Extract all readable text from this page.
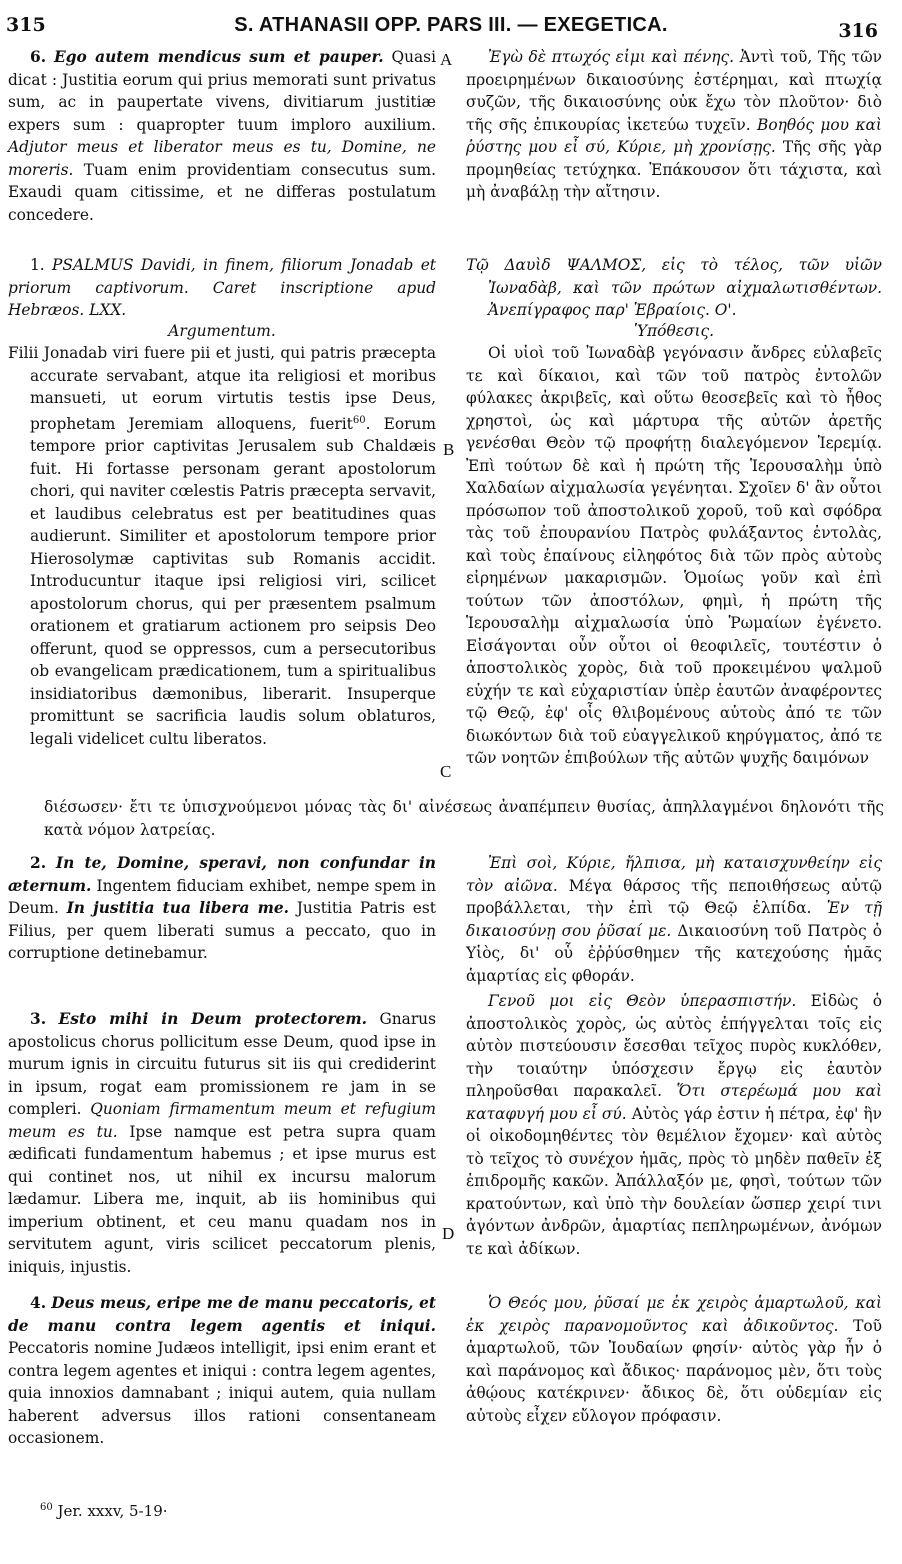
315	S. ATHANASII OPP. PARS III. — EXEGETICA.	316
A
B
C
D

6. Ego autem mendicus sum et pauper. Quasi dicat : Justitia eorum qui prius memorati sunt privatus sum, ac in paupertate vivens, divitiarum justitiæ expers sum : quapropter tuum imploro auxilium. Adjutor meus et liberator meus es tu, Domine, ne moreris. Tuam enim providentiam consecutus sum. Exaudi quam citissime, et ne differas postulatum concedere.

1. PSALMUS Davidi, in finem, filiorum Jonadab et priorum captivorum. Caret inscriptione apud Hebræos. LXX.

Argumentum.

Filii Jonadab viri fuere pii et justi, qui patris præcepta accurate servabant, atque ita religiosi et moribus mansueti, ut eorum virtutis testis ipse Deus, prophetam Jeremiam alloquens, fuerit$^{60}$. Eorum tempore prior captivitas Jerusalem sub Chaldæis fuit. Hi fortasse personam gerant apostolorum chori, qui naviter cœlestis Patris præcepta servavit, et laudibus celebratus est per beatitudines quas audierunt. Similiter et apostolorum tempore prior Hierosolymæ captivitas sub Romanis accidit. Introducuntur itaque ipsi religiosi viri, scilicet apostolorum chorus, qui per præsentem psalmum orationem et gratiarum actionem pro seipsis Deo offerunt, quod se oppressos, cum a persecutoribus ob evangelicam prædicationem, tum a spiritualibus insidiatoribus dæmonibus, liberarit. Insuperque promittunt se sacrificia laudis solum oblaturos, legali videlicet cultu liberatos.

διέσωσεν· ἔτι τε ὑπισχνούμενοι μόνας τὰς δι' αἰνέσεως ἀναπέμπειν θυσίας, ἀπηλλαγμένοι δηλονότι τῆς κατὰ νόμον λατρείας.

2. In te, Domine, speravi, non confundar in æternum. Ingentem fiduciam exhibet, nempe spem in Deum. In justitia tua libera me. Justitia Patris est Filius, per quem liberati sumus a peccato, quo in corruptione detinebamur.

3. Esto mihi in Deum protectorem. Gnarus apostolicus chorus pollicitum esse Deum, quod ipse in murum ignis in circuitu futurus sit iis qui crediderint in ipsum, rogat eam promissionem re jam in se compleri. Quoniam firmamentum meum et refugium meum es tu. Ipse namque est petra supra quam ædificati fundamentum habemus ; et ipse murus est qui continet nos, ut nihil ex incursu malorum lædamur. Libera me, inquit, ab iis hominibus qui imperium obtinent, et ceu manu quadam nos in servitutem agunt, viris scilicet peccatorum plenis, iniquis, injustis.

4. Deus meus, eripe me de manu peccatoris, et de manu contra legem agentis et iniqui. Peccatoris nomine Judæos intelligit, ipsi enim erant et contra legem agentes et iniqui : contra legem agentes, quia innoxios damnabant ; iniqui autem, quia nullam haberent adversus illos rationi consentaneam occasionem.

Ἐγὼ δὲ πτωχός εἰμι καὶ πένης. Ἀντὶ τοῦ, Τῆς τῶν προειρημένων δικαιοσύνης ἐστέρημαι, καὶ πτωχίᾳ συζῶν, τῆς δικαιοσύνης οὐκ ἔχω τὸν πλοῦτον· διὸ τῆς σῆς ἐπικουρίας ἱκετεύω τυχεῖν. Βοηθός μου καὶ ῥύστης μου εἶ σύ, Κύριε, μὴ χρονίσῃς. Τῆς σῆς γὰρ προμηθείας τετύχηκα. Ἐπάκουσον ὅτι τάχιστα, καὶ μὴ ἀναβάλῃ τὴν αἴτησιν.

Τῷ Δαυὶδ ΨΑΛΜΟΣ, εἰς τὸ τέλος, τῶν υἱῶν Ἰωναδὰβ, καὶ τῶν πρώτων αἰχμαλωτισθέντων. Ἀνεπίγραφος παρ' Ἑβραίοις. Ο'.

Ὑπόθεσις.

Οἱ υἱοὶ τοῦ Ἰωναδὰβ γεγόνασιν ἄνδρες εὐλαβεῖς τε καὶ δίκαιοι, καὶ τῶν τοῦ πατρὸς ἐντολῶν φύλακες ἀκριβεῖς, καὶ οὕτω θεοσεβεῖς καὶ τὸ ἦθος χρηστοὶ, ὡς καὶ μάρτυρα τῆς αὐτῶν ἀρετῆς γενέσθαι Θεὸν τῷ προφήτῃ διαλεγόμενον Ἱερεμίᾳ. Ἐπὶ τούτων δὲ καὶ ἡ πρώτη τῆς Ἱερουσαλὴμ ὑπὸ Χαλδαίων αἰχμαλωσία γεγένηται. Σχοῖεν δ' ἂν οὗτοι πρόσωπον τοῦ ἀποστολικοῦ χοροῦ, τοῦ καὶ σφόδρα τὰς τοῦ ἐπουρανίου Πατρὸς φυλάξαντος ἐντολὰς, καὶ τοὺς ἐπαίνους εἰληφότος διὰ τῶν πρὸς αὐτοὺς εἰρημένων μακαρισμῶν. Ὁμοίως γοῦν καὶ ἐπὶ τούτων τῶν ἀποστόλων, φημὶ, ἡ πρώτη τῆς Ἱερουσαλὴμ αἰχμαλωσία ὑπὸ Ῥωμαίων ἐγένετο. Εἰσάγονται οὖν οὗτοι οἱ θεοφιλεῖς, τουτέστιν ὁ ἀποστολικὸς χορὸς, διὰ τοῦ προκειμένου ψαλμοῦ εὐχήν τε καὶ εὐχαριστίαν ὑπὲρ ἑαυτῶν ἀναφέροντες τῷ Θεῷ, ἐφ' οἷς θλιβομένους αὐτοὺς ἀπό τε τῶν διωκόντων διὰ τοῦ εὐαγγελικοῦ κηρύγματος, ἀπό τε τῶν νοητῶν ἐπιβούλων τῆς αὐτῶν ψυχῆς δαιμόνων

Ἐπὶ σοὶ, Κύριε, ἤλπισα, μὴ καταισχυνθείην εἰς τὸν αἰῶνα. Μέγα θάρσος τῆς πεποιθήσεως αὐτῷ προβάλλεται, τὴν ἐπὶ τῷ Θεῷ ἐλπίδα. Ἐν τῇ δικαιοσύνῃ σου ῥῦσαί με. Δικαιοσύνη τοῦ Πατρὸς ὁ Υἱὸς, δι' οὗ ἐῤῥύσθημεν τῆς κατεχούσης ἡμᾶς ἁμαρτίας εἰς φθοράν.

Γενοῦ μοι εἰς Θεὸν ὑπερασπιστήν. Εἰδὼς ὁ ἀποστολικὸς χορὸς, ὡς αὐτὸς ἐπήγγελται τοῖς εἰς αὐτὸν πιστεύουσιν ἔσεσθαι τεῖχος πυρὸς κυκλόθεν, τὴν τοιαύτην ὑπόσχεσιν ἔργῳ εἰς ἑαυτὸν πληροῦσθαι παρακαλεῖ. Ὅτι στερέωμά μου καὶ καταφυγή μου εἶ σύ. Αὐτὸς γάρ ἐστιν ἡ πέτρα, ἐφ' ἣν οἱ οἰκοδομηθέντες τὸν θεμέλιον ἔχομεν· καὶ αὐτὸς τὸ τεῖχος τὸ συνέχον ἡμᾶς, πρὸς τὸ μηδὲν παθεῖν ἐξ ἐπιδρομῆς κακῶν. Ἀπάλλαξόν με, φησὶ, τούτων τῶν κρατούντων, καὶ ὑπὸ τὴν δουλείαν ὥσπερ χειρί τινι ἀγόντων ἀνδρῶν, ἁμαρτίας πεπληρωμένων, ἀνόμων τε καὶ ἀδίκων.

Ὁ Θεός μου, ῥῦσαί με ἐκ χειρὸς ἁμαρτωλοῦ, καὶ ἐκ χειρὸς παρανομοῦντος καὶ ἀδικοῦντος. Τοῦ ἁμαρτωλοῦ, τῶν Ἰουδαίων φησίν· αὐτὸς γὰρ ἦν ὁ καὶ παράνομος καὶ ἄδικος· παράνομος μὲν, ὅτι τοὺς ἀθῴους κατέκρινεν· ἄδικος δὲ, ὅτι οὐδεμίαν εἰς αὐτοὺς εἶχεν εὔλογον πρόφασιν.

$^{60}$ Jer. xxxv, 5-19·
